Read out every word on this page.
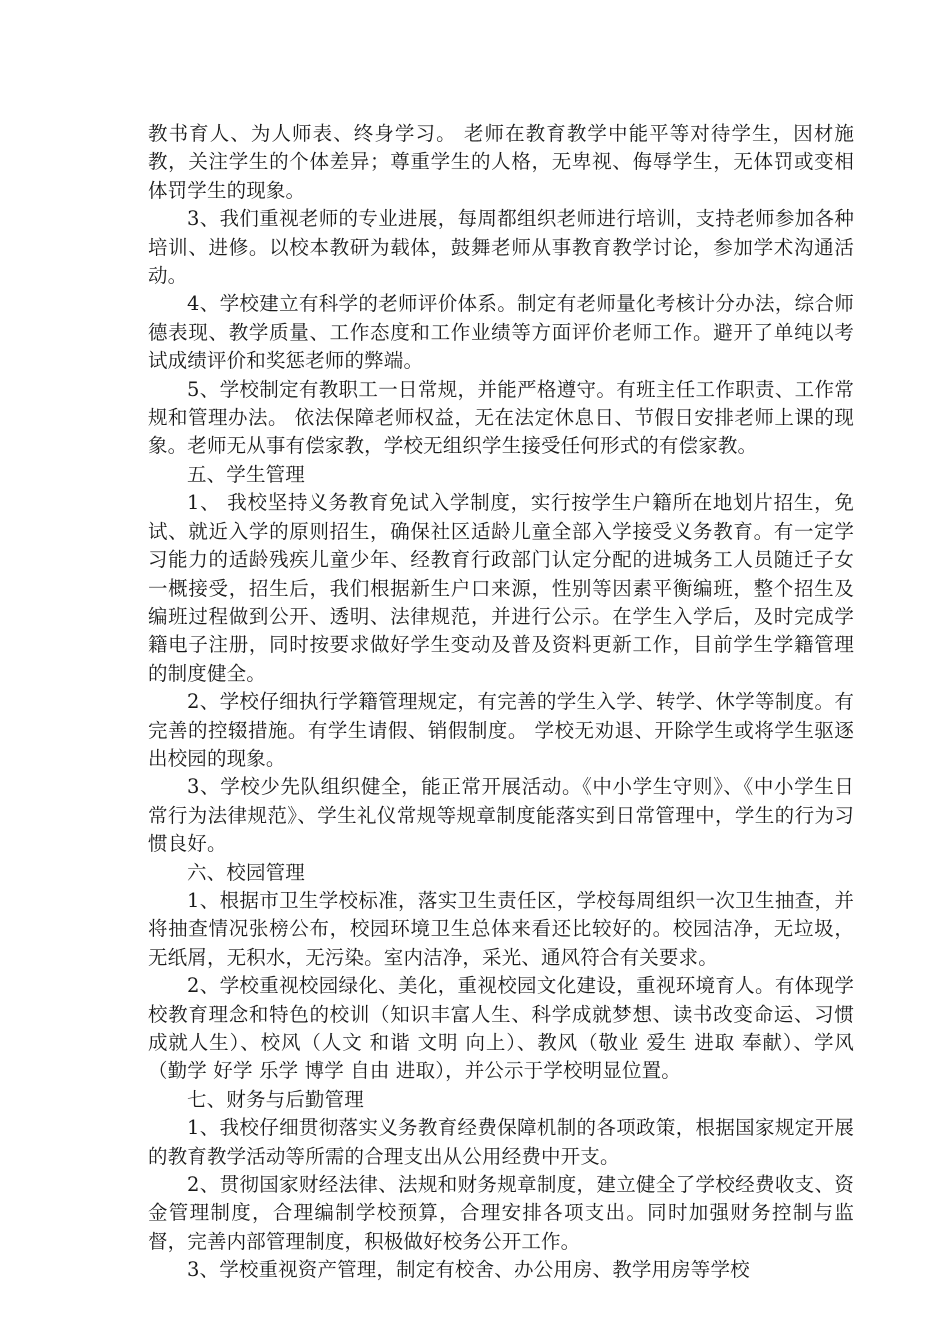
教书育人、为人师表、终身学习。 老师在教育教学中能平等对待学生，因材施教，关注学生的个体差异；尊重学生的人格，无卑视、侮辱学生，无体罚或变相体罚学生的现象。

3、我们重视老师的专业进展，每周都组织老师进行培训，支持老师参加各种培训、进修。以校本教研为载体，鼓舞老师从事教育教学讨论，参加学术沟通活动。

4、学校建立有科学的老师评价体系。制定有老师量化考核计分办法，综合师德表现、教学质量、工作态度和工作业绩等方面评价老师工作。避开了单纯以考试成绩评价和奖惩老师的弊端。

5、学校制定有教职工一日常规，并能严格遵守。有班主任工作职责、工作常规和管理办法。 依法保障老师权益，无在法定休息日、节假日安排老师上课的现象。老师无从事有偿家教，学校无组织学生接受任何形式的有偿家教。

五、学生管理

1、 我校坚持义务教育免试入学制度，实行按学生户籍所在地划片招生，免试、就近入学的原则招生，确保社区适龄儿童全部入学接受义务教育。有一定学习能力的适龄残疾儿童少年、经教育行政部门认定分配的进城务工人员随迁子女一概接受，招生后，我们根据新生户口来源，性别等因素平衡编班，整个招生及编班过程做到公开、透明、法律规范，并进行公示。在学生入学后，及时完成学籍电子注册，同时按要求做好学生变动及普及资料更新工作，目前学生学籍管理的制度健全。

2、学校仔细执行学籍管理规定，有完善的学生入学、转学、休学等制度。有完善的控辍措施。有学生请假、销假制度。 学校无劝退、开除学生或将学生驱逐出校园的现象。

3、学校少先队组织健全，能正常开展活动。《中小学生守则》、《中小学生日常行为法律规范》、学生礼仪常规等规章制度能落实到日常管理中，学生的行为习惯良好。

六、校园管理

1、根据市卫生学校标准，落实卫生责任区，学校每周组织一次卫生抽查，并将抽查情况张榜公布，校园环境卫生总体来看还比较好的。校园洁净，无垃圾，无纸屑，无积水，无污染。室内洁净，采光、通风符合有关要求。

2、学校重视校园绿化、美化，重视校园文化建设，重视环境育人。有体现学校教育理念和特色的校训（知识丰富人生、科学成就梦想、读书改变命运、习惯成就人生）、校风（人文 和谐 文明 向上）、教风（敬业 爱生 进取 奉献）、学风（勤学 好学 乐学 博学 自由 进取），并公示于学校明显位置。

七、财务与后勤管理

1、我校仔细贯彻落实义务教育经费保障机制的各项政策，根据国家规定开展的教育教学活动等所需的合理支出从公用经费中开支。

2、贯彻国家财经法律、法规和财务规章制度，建立健全了学校经费收支、资金管理制度，合理编制学校预算，合理安排各项支出。同时加强财务控制与监督，完善内部管理制度，积极做好校务公开工作。

3、学校重视资产管理，制定有校舍、办公用房、教学用房等学校
